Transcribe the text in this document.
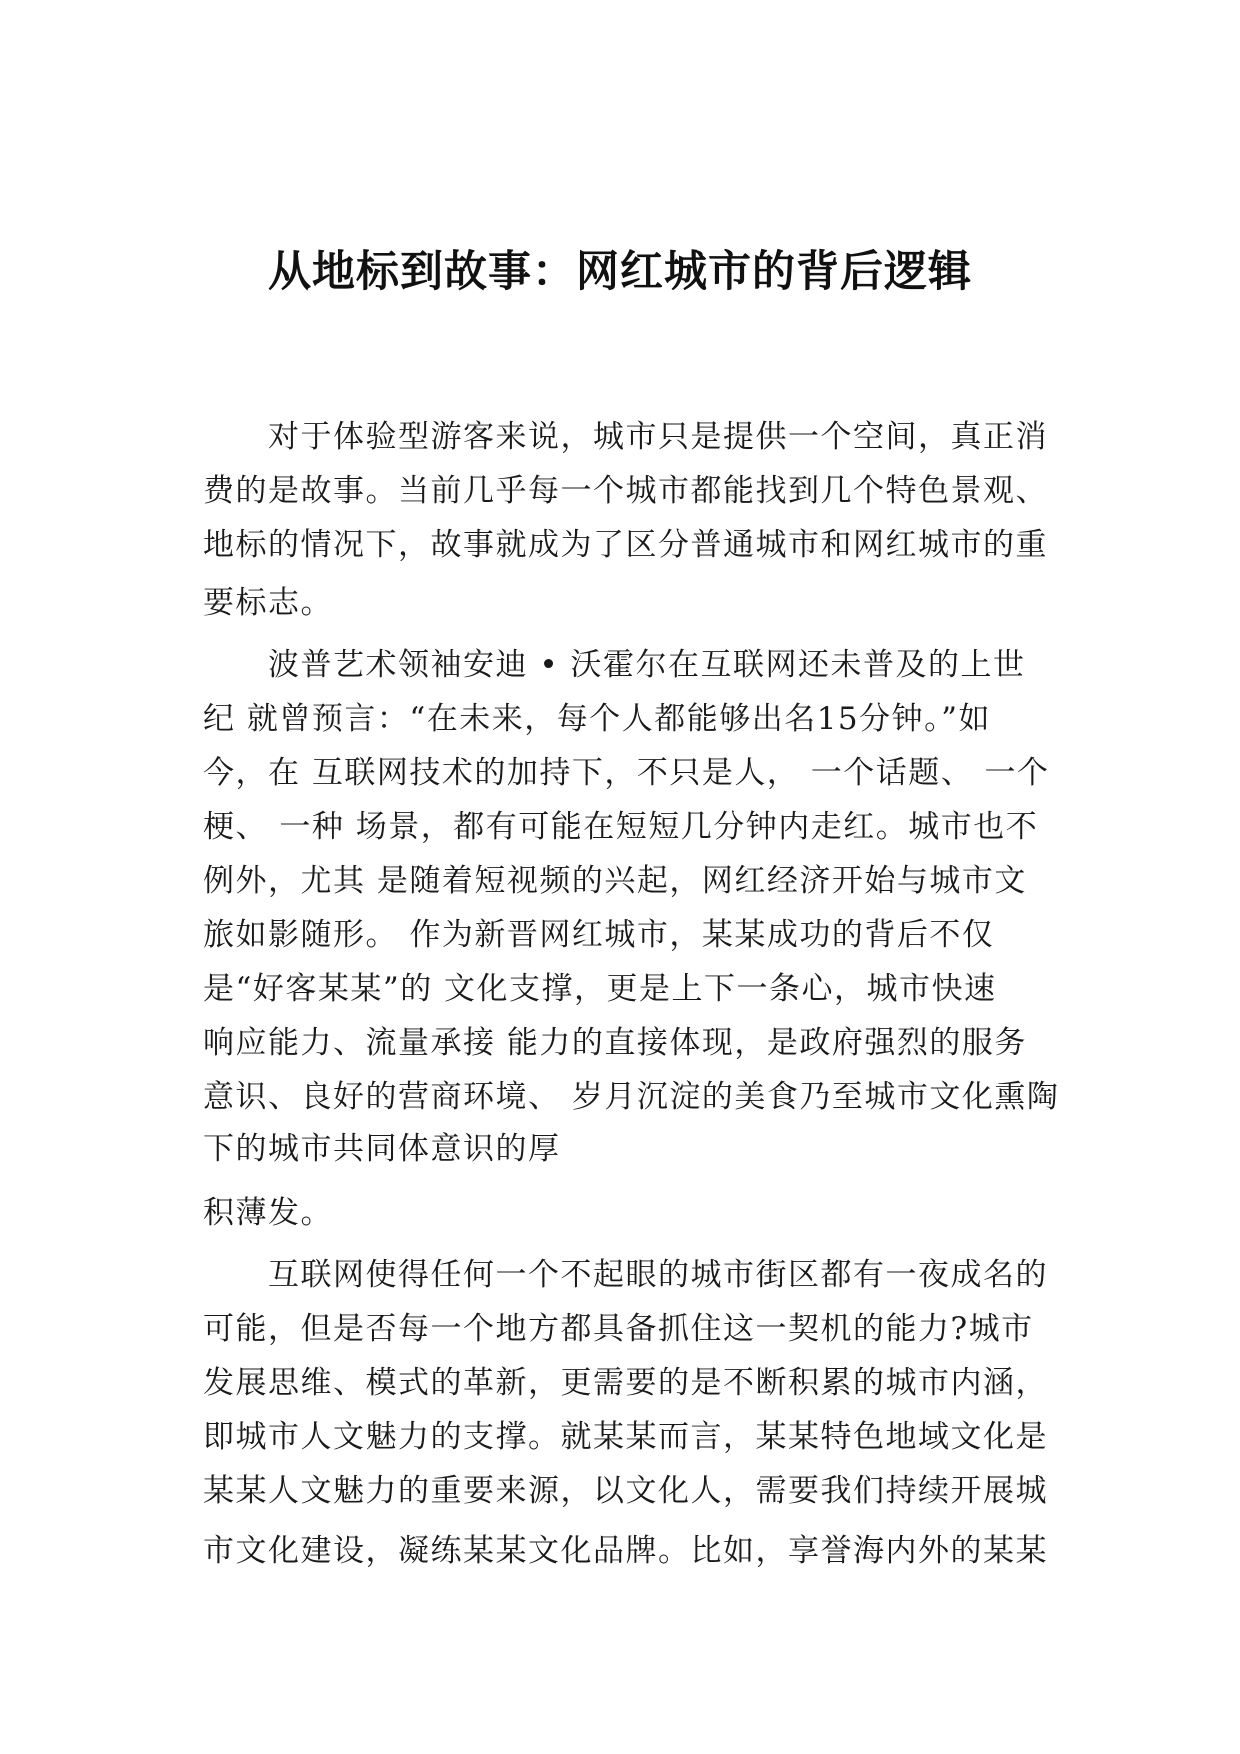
从地标到故事：网红城市的背后逻辑
对于体验型游客来说，城市只是提供一个空间，真正消
费的是故事。当前几乎每一个城市都能找到几个特色景观、
地标的情况下，故事就成为了区分普通城市和网红城市的重
要标志。
波普艺术领袖安迪 • 沃霍尔在互联网还未普及的上世
纪 就曾预言：“在未来，每个人都能够出名15分钟。”如
今，在 互联网技术的加持下，不只是人， 一个话题、 一个
梗、 一种 场景，都有可能在短短几分钟内走红。城市也不
例外，尤其 是随着短视频的兴起，网红经济开始与城市文
旅如影随形。 作为新晋网红城市，某某成功的背后不仅
是“好客某某”的 文化支撑，更是上下一条心，城市快速
响应能力、流量承接 能力的直接体现，是政府强烈的服务
意识、良好的营商环境、 岁月沉淀的美食乃至城市文化熏陶
下的城市共同体意识的厚
积薄发。
互联网使得任何一个不起眼的城市街区都有一夜成名的
可能，但是否每一个地方都具备抓住这一契机的能力?城市
发展思维、模式的革新，更需要的是不断积累的城市内涵，
即城市人文魅力的支撑。就某某而言，某某特色地域文化是
某某人文魅力的重要来源，以文化人，需要我们持续开展城
市文化建设，凝练某某文化品牌。比如，享誉海内外的某某
